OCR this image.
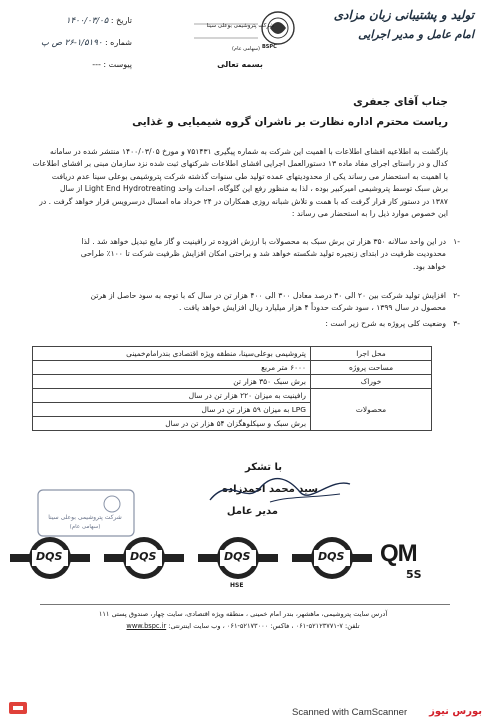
تولید و پشتیبانی زبان مزادی
امام عامل و مدیر اجرایی
شرکت پتروشیمی بوعلی سینا
BSPC
(سهامی عام)
بسمه تعالی
تاریخ : ۱۴۰۰/۰۳/۰۵
شماره : ۱/۵۱۹۰-۲۶ ص پ
پیوست : ---
جناب آقای جعفری
ریاست محترم اداره نظارت بر ناشران گروه شیمیایی و غذایی
بازگشت به اطلاعیه افشای اطلاعات با اهمیت این شرکت به شماره پیگیری ۷۵۱۴۳۱ و مورخ ۱۴۰۰/۰۳/۰۵ منتشر شده در سامانه
کدال و در راستای اجرای مفاد ماده ۱۳ دستورالعمل اجرایی افشای اطلاعات شرکتهای ثبت شده نزد سازمان مبنی بر افشای اطلاعات
با اهمیت به استحضار می رساند یکی از محدودیتهای عمده تولید طی سنوات گذشته شرکت پتروشیمی بوعلی سینا عدم دریافت
برش سبک توسط پتروشیمی امیرکبیر بوده ، لذا به منظور رفع این گلوگاه، احداث واحد Light End Hydrotreating از سال
۱۳۸۷ در دستور کار قرار گرفت که با همت و تلاش شبانه روزی همکاران در ۲۴ خرداد ماه امسال درسرویس قرار خواهد گرفت . در
این خصوص موارد ذیل را به استحضار می رساند :
-۱
در این واحد سالانه ۳۵۰ هزار تن برش سبک به محصولات با ارزش افزوده تر رافینیت و گاز مایع تبدیل خواهد شد . لذا
محدودیت ظرفیت در ابتدای زنجیره تولید شکسته خواهد شد و براحتی امکان افزایش ظرفیت شرکت تا ۱۰۰٪ طراحی
خواهد بود.
-۲
افزایش تولید شرکت بین ۲۰ الی ۳۰ درصد معادل ۳۰۰ الی ۴۰۰ هزار تن در سال که با توجه به سود حاصل از هرتن
محصول در سال ۱۳۹۹ ، سود شرکت حدوداً ۴ هزار میلیارد ریال افزایش خواهد یافت .
-۳
وضعیت کلی پروژه به شرح زیر است :
محل اجرا	پتروشیمی بوعلی‌سینا، منطقه ویژه اقتصادی بندرامام‌خمینی
مساحت پروژه	۶۰۰۰ متر مربع
خوراک	برش سبک ۳۵۰ هزار تن
محصولات	رافینیت به میزان ۲۲۰ هزار تن در سال
	LPG به میزان ۵۹ هزار تن در سال
	برش سبک و سیکلوهگزان ۵۴ هزار تن در سال
با تشکر
سید محمد احمدزاده
مدیر عامل
شرکت پتروشیمی بوعلی سینا
(سهامی عام)
DQS	DQS	DQS
HSE
DQS QM
5S
آدرس سایت پتروشیمی، ماهشهر، بندر امام خمینی ، منطقه ویژه اقتصادی، سایت چهار، صندوق پستی ۱۱۱
تلفن: ۷-۵۲۱۲۳۷۷۱-۰۶۱ ، فاکس: ۵۲۱۷۳۰۰۰-۰۶۱ ، وب سایت اینترنتی: www.bspc.ir
Scanned with CamScanner بورس نیوز
